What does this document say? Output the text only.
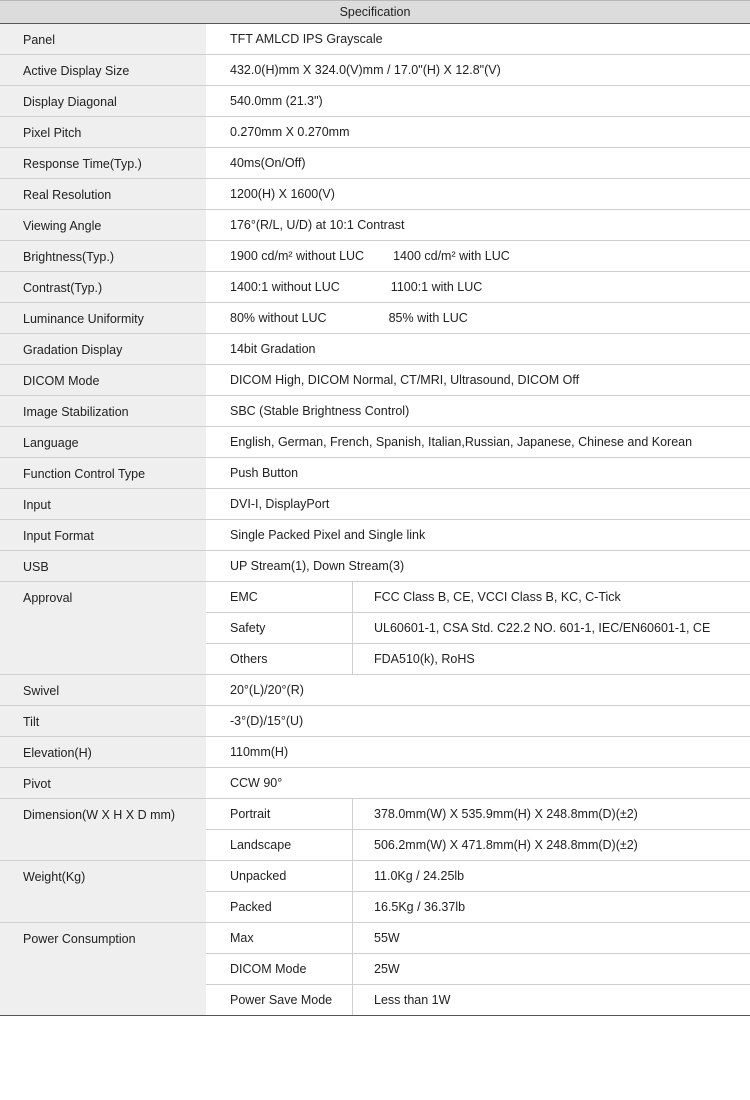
Specification
Panel	TFT AMLCD IPS Grayscale
Active Display Size	432.0(H)mm X 324.0(V)mm / 17.0"(H) X 12.8"(V)
Display Diagonal	540.0mm (21.3")
Pixel Pitch	0.270mm X 0.270mm
Response Time(Typ.)	40ms(On/Off)
Real Resolution	1200(H) X 1600(V)
Viewing Angle	176°(R/L, U/D) at 10:1 Contrast
Brightness(Typ.)	1900 cd/m² without LUC 1400 cd/m² with LUC
Contrast(Typ.)	1400:1 without LUC	1100:1 with LUC
Luminance Uniformity	80% without LUC	85% with LUC
Gradation Display	14bit Gradation
DICOM Mode	DICOM High, DICOM Normal, CT/MRI, Ultrasound, DICOM Off
Image Stabilization	SBC (Stable Brightness Control)
Language	English, German, French, Spanish, Italian,Russian, Japanese, Chinese and Korean
Function Control Type	Push Button
Input	DVI-I, DisplayPort
Input Format	Single Packed Pixel and Single link
USB	UP Stream(1), Down Stream(3)
Approval	EMC	FCC Class B, CE, VCCI Class B, KC, C-Tick
Safety	UL60601-1, CSA Std. C22.2 NO. 601-1, IEC/EN60601-1, CE
Others	FDA510(k), RoHS
Swivel	20°(L)/20°(R)
Tilt	-3°(D)/15°(U)
Elevation(H)	110mm(H)
Pivot	CCW 90°
Dimension(W X H X D mm)	Portrait	378.0mm(W) X 535.9mm(H) X 248.8mm(D)(±2)
Landscape	506.2mm(W) X 471.8mm(H) X 248.8mm(D)(±2)
Weight(Kg)	Unpacked	11.0Kg / 24.25lb
Packed	16.5Kg / 36.37lb
Power Consumption	Max	55W
DICOM Mode	25W
Power Save Mode	Less than 1W
